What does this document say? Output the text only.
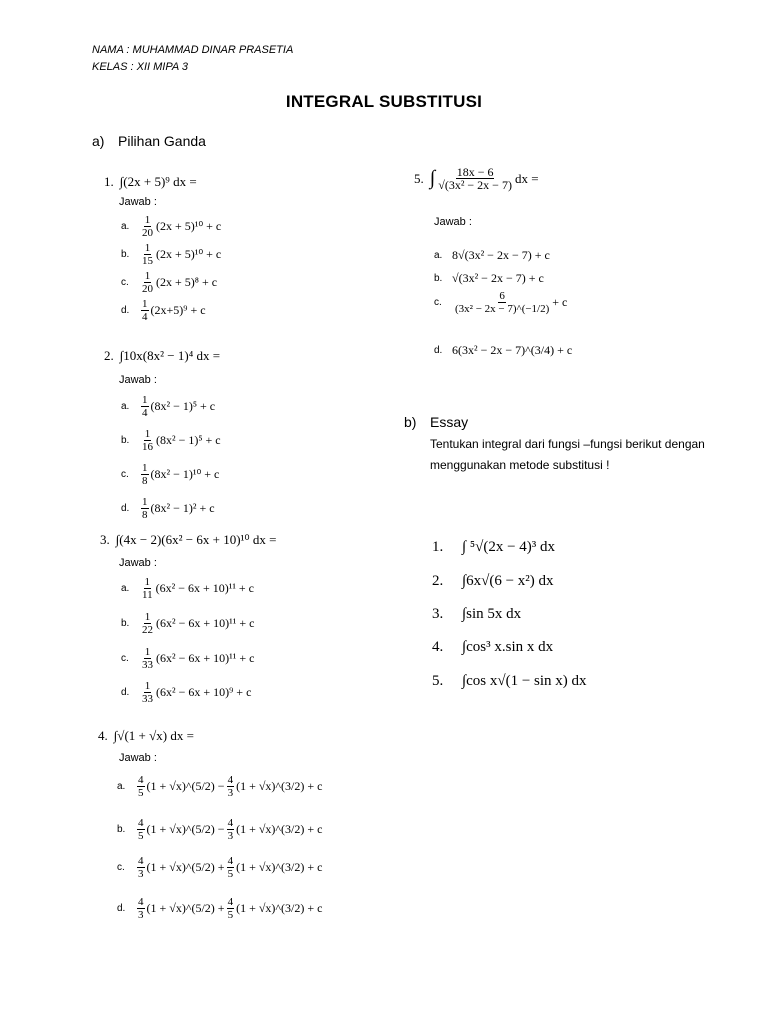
NAMA : MUHAMMAD DINAR PRASETIA
KELAS : XII MIPA 3
INTEGRAL SUBSTITUSI
a) Pilihan Ganda
1. ∫(2x + 5)⁹ dx =
Jawab :
a.	$\frac{1}{20} (2x + 5)^{10} + c$
b.	$\frac{1}{15} (2x + 5)^{10} + c$
c.	$\frac{1}{20} (2x + 5)^8 + c$
d.	$\frac{1}{4} (2x+5)^9 + c$
2. ∫10x(8x² − 1)⁴ dx =
Jawab :
a.	$\frac{1}{4} (8x^2 - 1)^5 + c$
b.	$\frac{1}{16} (8x^2 - 1)^5 + c$
c.	$\frac{1}{8} (8x^2 - 1)^{10} + c$
d.	$\frac{1}{8} (8x^2 - 1)^2 + c$
3. ∫(4x − 2)(6x² − 6x + 10)¹⁰ dx =
Jawab :
a.	$\frac{1}{11} (6x^2 - 6x + 10)^{11} + c$
b.	$\frac{1}{22} (6x^2 - 6x + 10)^{11} + c$
c.	$\frac{1}{33} (6x^2 - 6x + 10)^{11} + c$
d.	$\frac{1}{33} (6x^2 - 6x + 10)^9 + c$
4. ∫√(1 + √x) dx =
Jawab :
a.	$\frac{4}{5} (1$ + √x)^(5/2) − $\frac{4}{3} (1$ + √x)^(3/2) + c
b.	$\frac{4}{5} (1$ + √x)^(5/2) − $\frac{4}{3} (1$ + √x)^(3/2) + c
c.	$\frac{4}{3} (1$ + √x)^(5/2) + $\frac{4}{5} (1$ + √x)^(3/2) + c
d.	$\frac{4}{3} (1$ + √x)^(5/2) + $\frac{4}{5} (1$ + √x)^(3/2) + c
5. ∫ $\frac{18x - 6}{\text{√(3x² − 2x − 7)}}$ dx =
Jawab :
a. 8√(3x² − 2x − 7) + c
b. √(3x² − 2x − 7) + c
c.	$\frac{6}{\text{(3x² − 2x − 7)\textasciicircum{}(−1/2)}} + c$
d. 6(3x² − 2x − 7)^(3/4) + c
b) Essay
Tentukan integral dari fungsi –fungsi berikut dengan menggunakan metode substitusi !
1. ∫ ⁵√(2x − 4)³ dx
2. ∫6x√(6 − x²) dx
3. ∫sin 5x dx
4. ∫cos³ x.sin x dx
5. ∫cos x√(1 − sin x) dx
